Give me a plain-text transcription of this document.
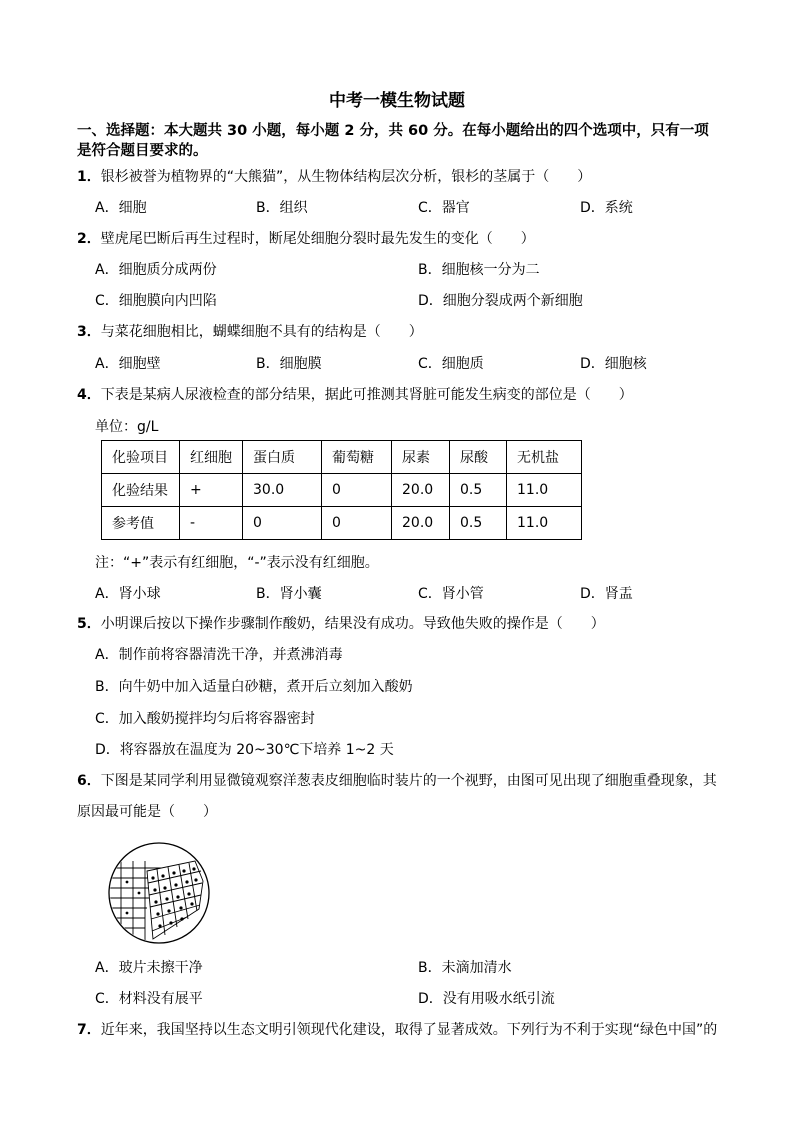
中考一模生物试题
一、选择题：本大题共 30 小题，每小题 2 分，共 60 分。在每小题给出的四个选项中，只有一项
是符合题目要求的。
1．银杉被誉为植物界的“大熊猫”，从生物体结构层次分析，银杉的茎属于（　　）
A．细胞	B．组织	C．器官	D．系统
2．壁虎尾巴断后再生过程时，断尾处细胞分裂时最先发生的变化（　　）
A．细胞质分成两份	B．细胞核一分为二
C．细胞膜向内凹陷	D．细胞分裂成两个新细胞
3．与菜花细胞相比，蝴蝶细胞不具有的结构是（　　）
A．细胞壁	B．细胞膜	C．细胞质	D．细胞核
4．下表是某病人尿液检查的部分结果，据此可推测其肾脏可能发生病变的部位是（　　）
单位：g/L
化验项目	红细胞	蛋白质	葡萄糖	尿素	尿酸	无机盐
化验结果	+	30.0	0	20.0	0.5	11.0
参考值	-	0	0	20.0	0.5	11.0
注：“+”表示有红细胞，“-”表示没有红细胞。
A．肾小球	B．肾小囊	C．肾小管	D．肾盂
5．小明课后按以下操作步骤制作酸奶，结果没有成功。导致他失败的操作是（　　）
A．制作前将容器清洗干净，并煮沸消毒
B．向牛奶中加入适量白砂糖，煮开后立刻加入酸奶
C．加入酸奶搅拌均匀后将容器密封
D．将容器放在温度为 20~30℃下培养 1~2 天
6．下图是某同学利用显微镜观察洋葱表皮细胞临时装片的一个视野，由图可见出现了细胞重叠现象，其
原因最可能是（　　）
A．玻片未擦干净	B．未滴加清水
C．材料没有展平	D．没有用吸水纸引流
7．近年来，我国坚持以生态文明引领现代化建设，取得了显著成效。下列行为不利于实现“绿色中国”的
